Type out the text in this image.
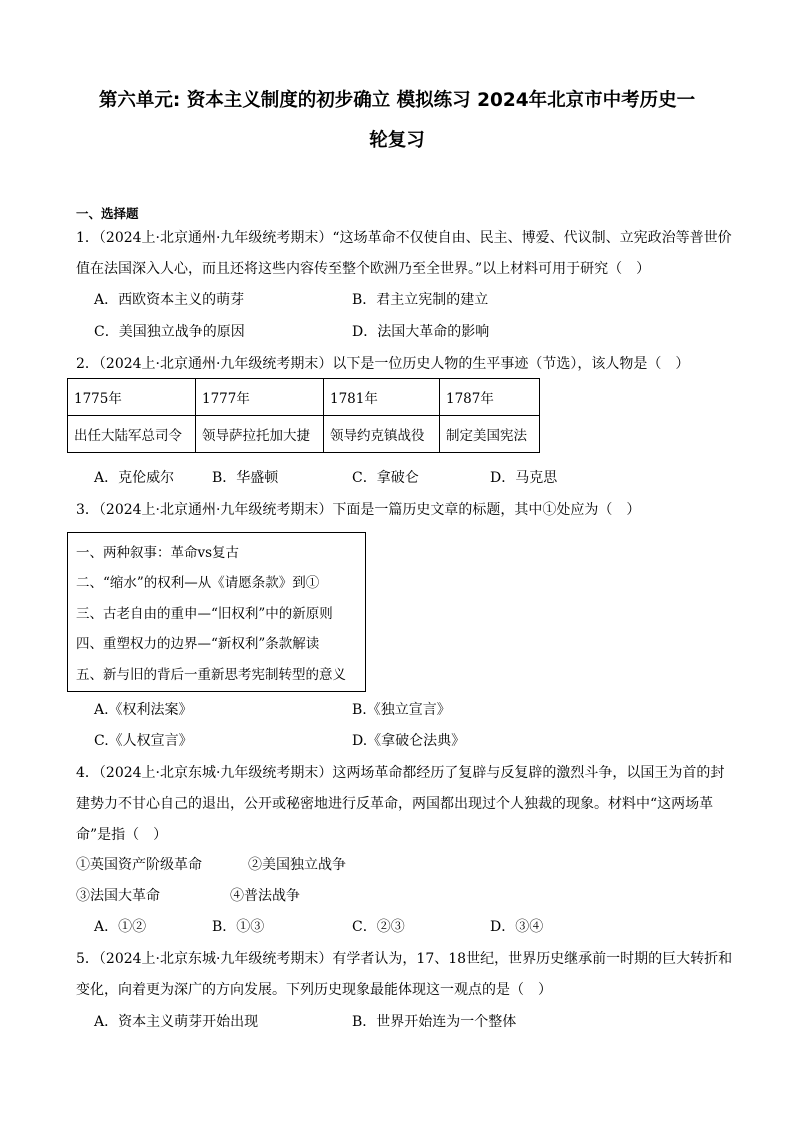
第六单元: 资本主义制度的初步确立 模拟练习 2024年北京市中考历史一
轮复习
一、选择题
1．（2024上·北京通州·九年级统考期末）“这场革命不仅使自由、民主、博爱、代议制、立宪政治等普世价
值在法国深入人心，而且还将这些内容传至整个欧洲乃至全世界。”以上材料可用于研究（　）
A．西欧资本主义的萌芽	B．君主立宪制的建立
C．美国独立战争的原因	D．法国大革命的影响
2．（2024上·北京通州·九年级统考期末）以下是一位历史人物的生平事迹（节选），该人物是（　）
1775年	1777年	1781年	1787年
出任大陆军总司令	领导萨拉托加大捷	领导约克镇战役	制定美国宪法
A．克伦威尔	B．华盛顿	C．拿破仑	D．马克思
3．（2024上·北京通州·九年级统考期末）下面是一篇历史文章的标题，其中①处应为（　）
一、两种叙事：革命vs复古
二、“缩水”的权利—从《请愿条款》到①
三、古老自由的重申—“旧权利”中的新原则
四、重塑权力的边界—“新权利”条款解读
五、新与旧的背后一重新思考宪制转型的意义
A.《权利法案》	B.《独立宣言》
C.《人权宣言》	D.《拿破仑法典》
4．（2024上·北京东城·九年级统考期末）这两场革命都经历了复辟与反复辟的激烈斗争，以国王为首的封
建势力不甘心自己的退出，公开或秘密地进行反革命，两国都出现过个人独裁的现象。材料中“这两场革
命”是指（　）
①英国资产阶级革命	②美国独立战争
③法国大革命	④普法战争
A．①②	B．①③	C．②③	D．③④
5．（2024上·北京东城·九年级统考期末）有学者认为，17、18世纪，世界历史继承前一时期的巨大转折和
变化，向着更为深广的方向发展。下列历史现象最能体现这一观点的是（　）
A．资本主义萌芽开始出现	B．世界开始连为一个整体
